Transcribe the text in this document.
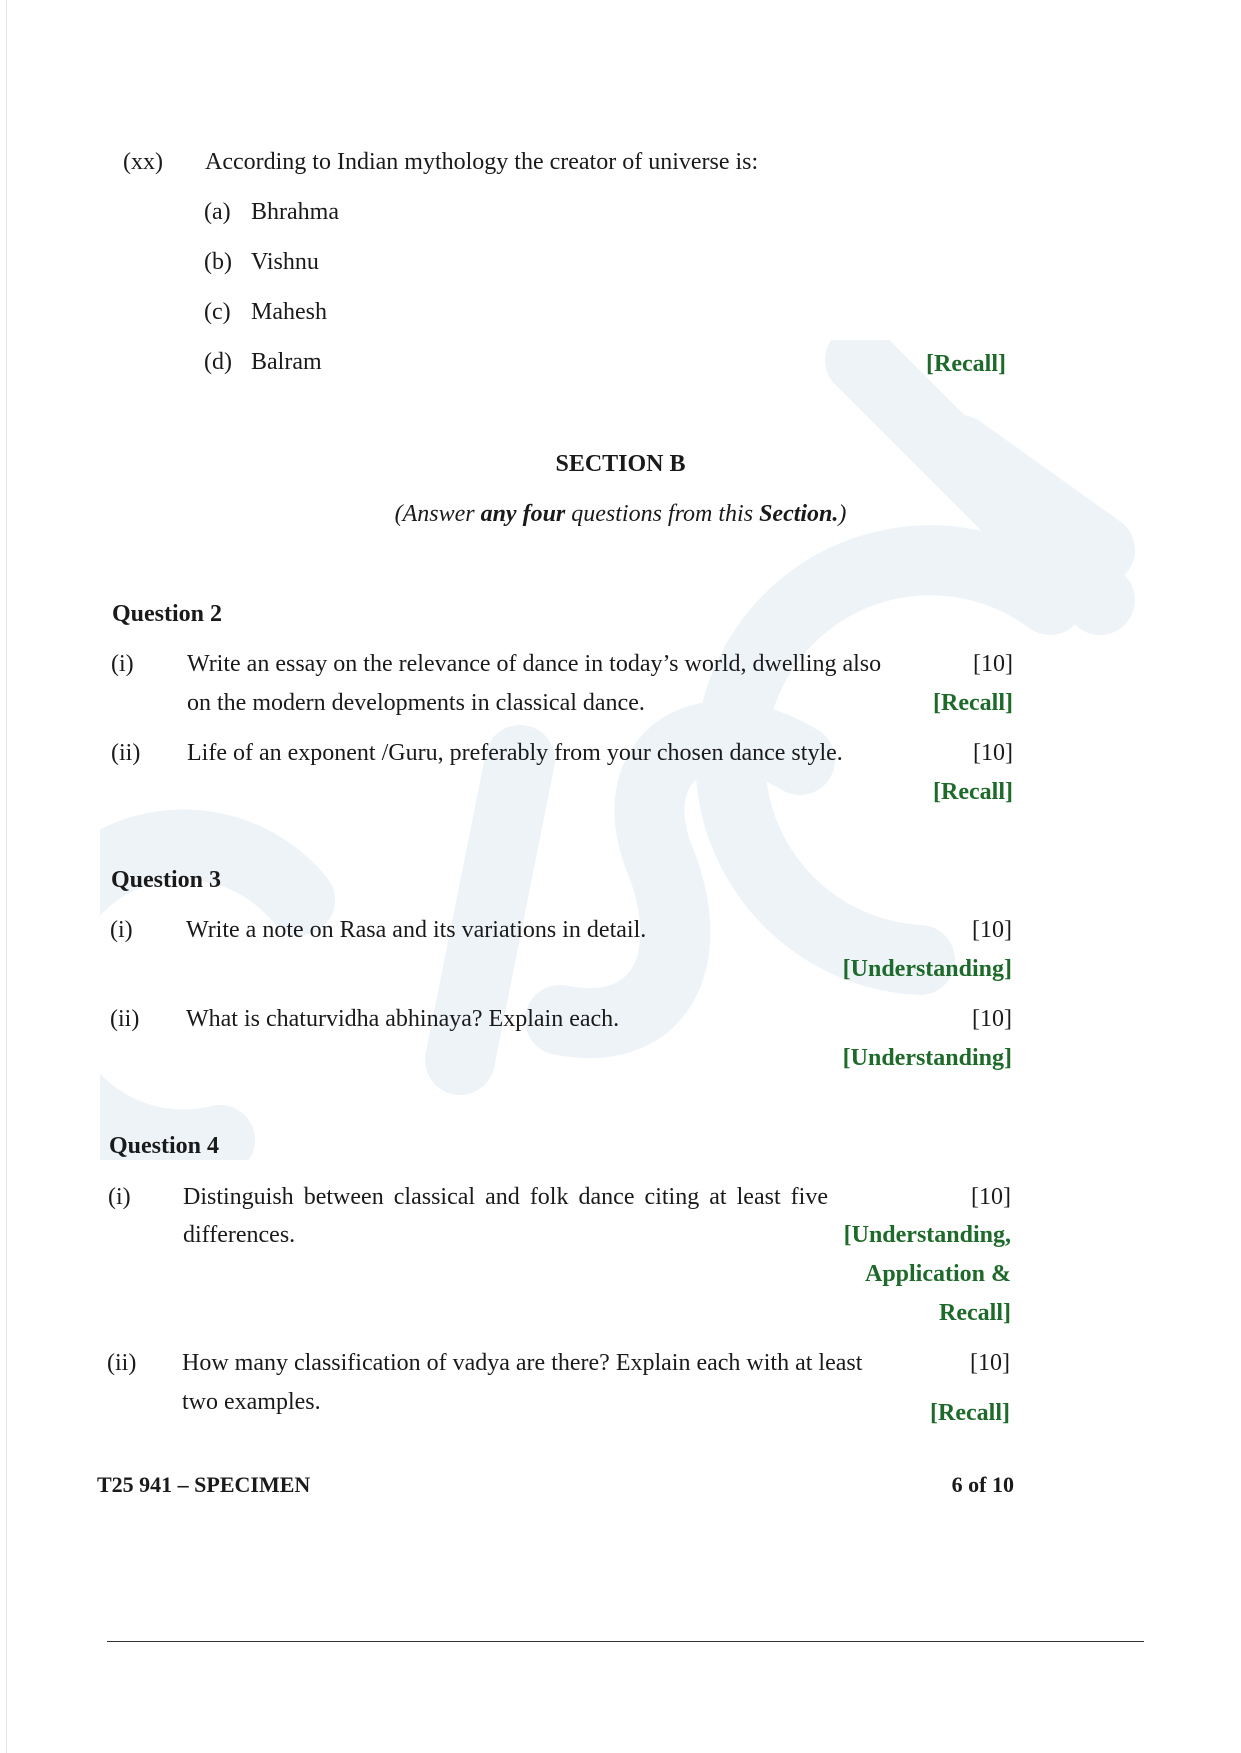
(xx) According to Indian mythology the creator of universe is:
(a) Bhrahma
(b) Vishnu
(c) Mahesh
(d) Balram	[Recall]
SECTION B
(Answer any four questions from this Section.)
Question 2
(i) Write an essay on the relevance of dance in today’s world, dwelling also
on the modern developments in classical dance.
[10]
[Recall]
(ii) Life of an exponent /Guru, preferably from your chosen dance style.	[10]
[Recall]
Question 3
(i) Write a note on Rasa and its variations in detail.	[10]
[Understanding]
(ii) What is chaturvidha abhinaya? Explain each.	[10]
[Understanding]
Question 4
(i) Distinguish between classical and folk dance citing at least five
differences.
[10]
[Understanding,
Application &
Recall]
(ii) How many classification of vadya are there? Explain each with at least
two examples.
[10]
[Recall]
T25 941 – SPECIMEN	6 of 10
